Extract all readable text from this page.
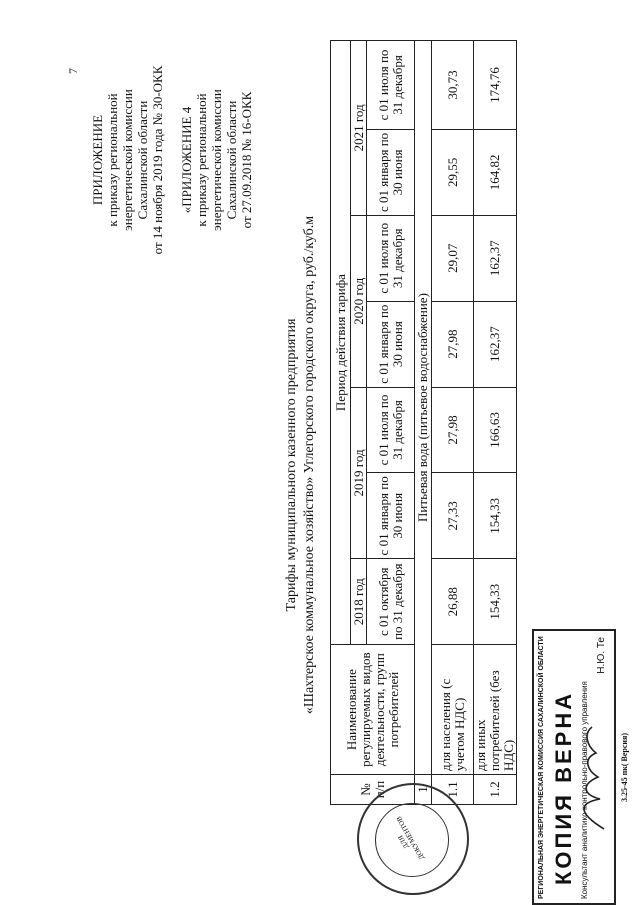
7
ПРИЛОЖЕНИЕ к приказу региональной энергетической комиссии Сахалинской области от 14 ноября 2019 года № 30-ОКК «ПРИЛОЖЕНИЕ 4 к приказу региональной энергетической комиссии Сахалинской области от 27.09.2018 № 16-ОКК
Тарифы муниципального казенного предприятия «Шахтерское коммунальное хозяйство» Углегорского городского округа, руб./куб.м
№ п/п	Наименование регулируемых видов деятельности, групп потребителей	Период действия тарифа						
		2018 год	2019 год		2020 год		2021 год	
		с 01 октября по 31 декабря	с 01 января по 30 июня	с 01 июля по 31 декабря	с 01 января по 30 июня	с 01 июля по 31 декабря	с 01 января по 30 июня	с 01 июля по 31 декабря
1	Питьевая вода (питьевое водоснабжение)							
1.1	для населения (с учетом НДС)	26,88	27,33	27,98	27,98	29,07	29,55	30,73
1.2	для иных потребителей (без НДС)	154,33	154,33	166,63	162,37	162,37	164,82	174,76
3.25-45 пк( Версия)
ДЛЯ ДОКУМЕНТОВ	РЕГИОНАЛЬНАЯ ЭНЕРГЕТИЧЕСКАЯ КОМИССИЯ САХАЛИНСКОЙ ОБЛАСТИ КОПИЯ ВЕРНА Консультант аналитико-контрольно-правового управления
Н.Ю. Те
